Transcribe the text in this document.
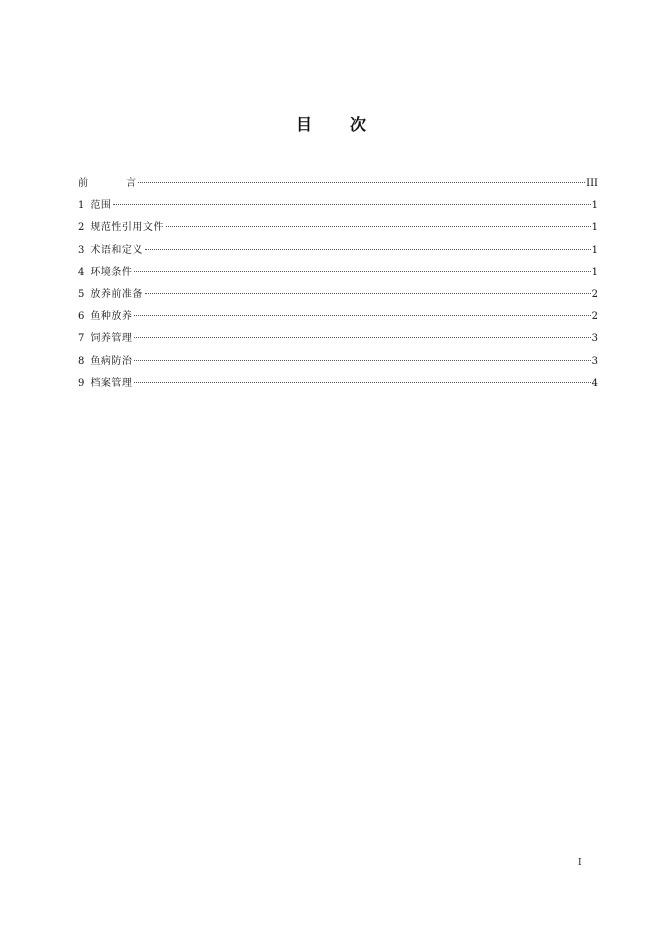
目 次
前	言	III
1 范围	1
2 规范性引用文件	1
3 术语和定义	1
4 环境条件	1
5 放养前准备	2
6 鱼种放养	2
7 饲养管理	3
8 鱼病防治	3
9 档案管理	4
I
